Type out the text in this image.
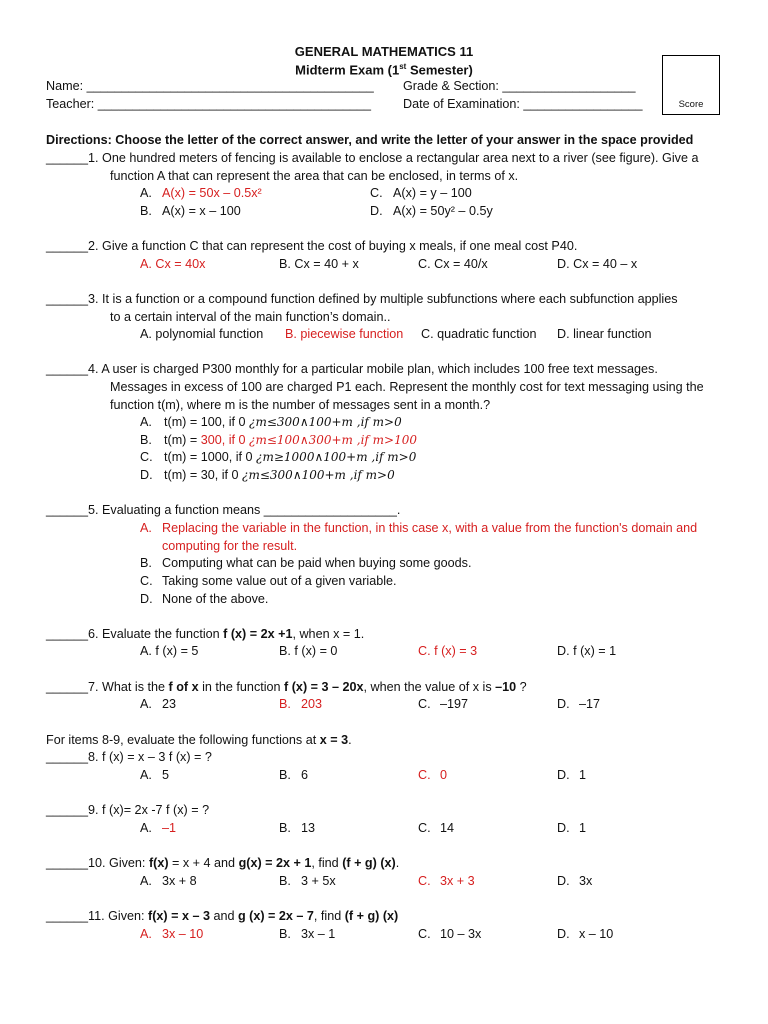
GENERAL MATHEMATICS 11
Midterm Exam (1st Semester)
Name: _________________________________________
Teacher: _______________________________________
Grade & Section: ___________________
Date of Examination: _________________	Score
Directions: Choose the letter of the correct answer, and write the letter of your answer in the space provided
______1. One hundred meters of fencing is available to enclose a rectangular area next to a river (see figure). Give a
function A that can represent the area that can be enclosed, in terms of x.
A. A(x) = 50x – 0.5x²	C. A(x) = y – 100
B. A(x) = x – 100	D. A(x) = 50y² – 0.5y
______2. Give a function C that can represent the cost of buying x meals, if one meal cost P40.
A. Cx = 40x	B. Cx = 40 + x	C. Cx = 40/x	D. Cx = 40 – x
______3. It is a function or a compound function defined by multiple subfunctions where each subfunction applies
to a certain interval of the main function’s domain..
A. polynomial function B. piecewise function C. quadratic function D. linear function
______4. A user is charged P300 monthly for a particular mobile plan, which includes 100 free text messages.
Messages in excess of 100 are charged P1 each. Represent the monthly cost for text messaging using the
function t(m), where m is the number of messages sent in a month.?
A. t(m) = 100, if 0 ¿m≤300∧100+m ,if m>0
B. t(m) = 300, if 0 ¿m≤100∧300+m ,if m>100
C. t(m) = 1000, if 0 ¿m≥1000∧100+m ,if m>0
D. t(m) = 30, if 0 ¿m≤300∧100+m ,if m>0
______5. Evaluating a function means ___________________.
A. Replacing the variable in the function, in this case x, with a value from the function's domain and
computing for the result.
B. Computing what can be paid when buying some goods.
C. Taking some value out of a given variable.
D. None of the above.
______6. Evaluate the function f (x) = 2x +1, when x = 1.
A. f (x) = 5	B. f (x) = 0	C. f (x) = 3	D. f (x) = 1
______7. What is the f of x in the function f (x) = 3 – 20x, when the value of x is –10 ?
A. 23	B. 203	C. –197	D. –17
For items 8-9, evaluate the following functions at x = 3.
______8. f (x) = x – 3 f (x) = ?
A. 5	B. 6	C. 0	D. 1
______9. f (x)= 2x -7 f (x) = ?
A. –1	B. 13	C. 14	D. 1
______10. Given: f(x) = x + 4 and g(x) = 2x + 1, find (f + g) (x).
A. 3x + 8	B. 3 + 5x	C. 3x + 3	D. 3x
______11. Given: f(x) = x – 3 and g (x) = 2x – 7, find (f + g) (x)
A. 3x – 10	B. 3x – 1	C. 10 – 3x	D. x – 10
